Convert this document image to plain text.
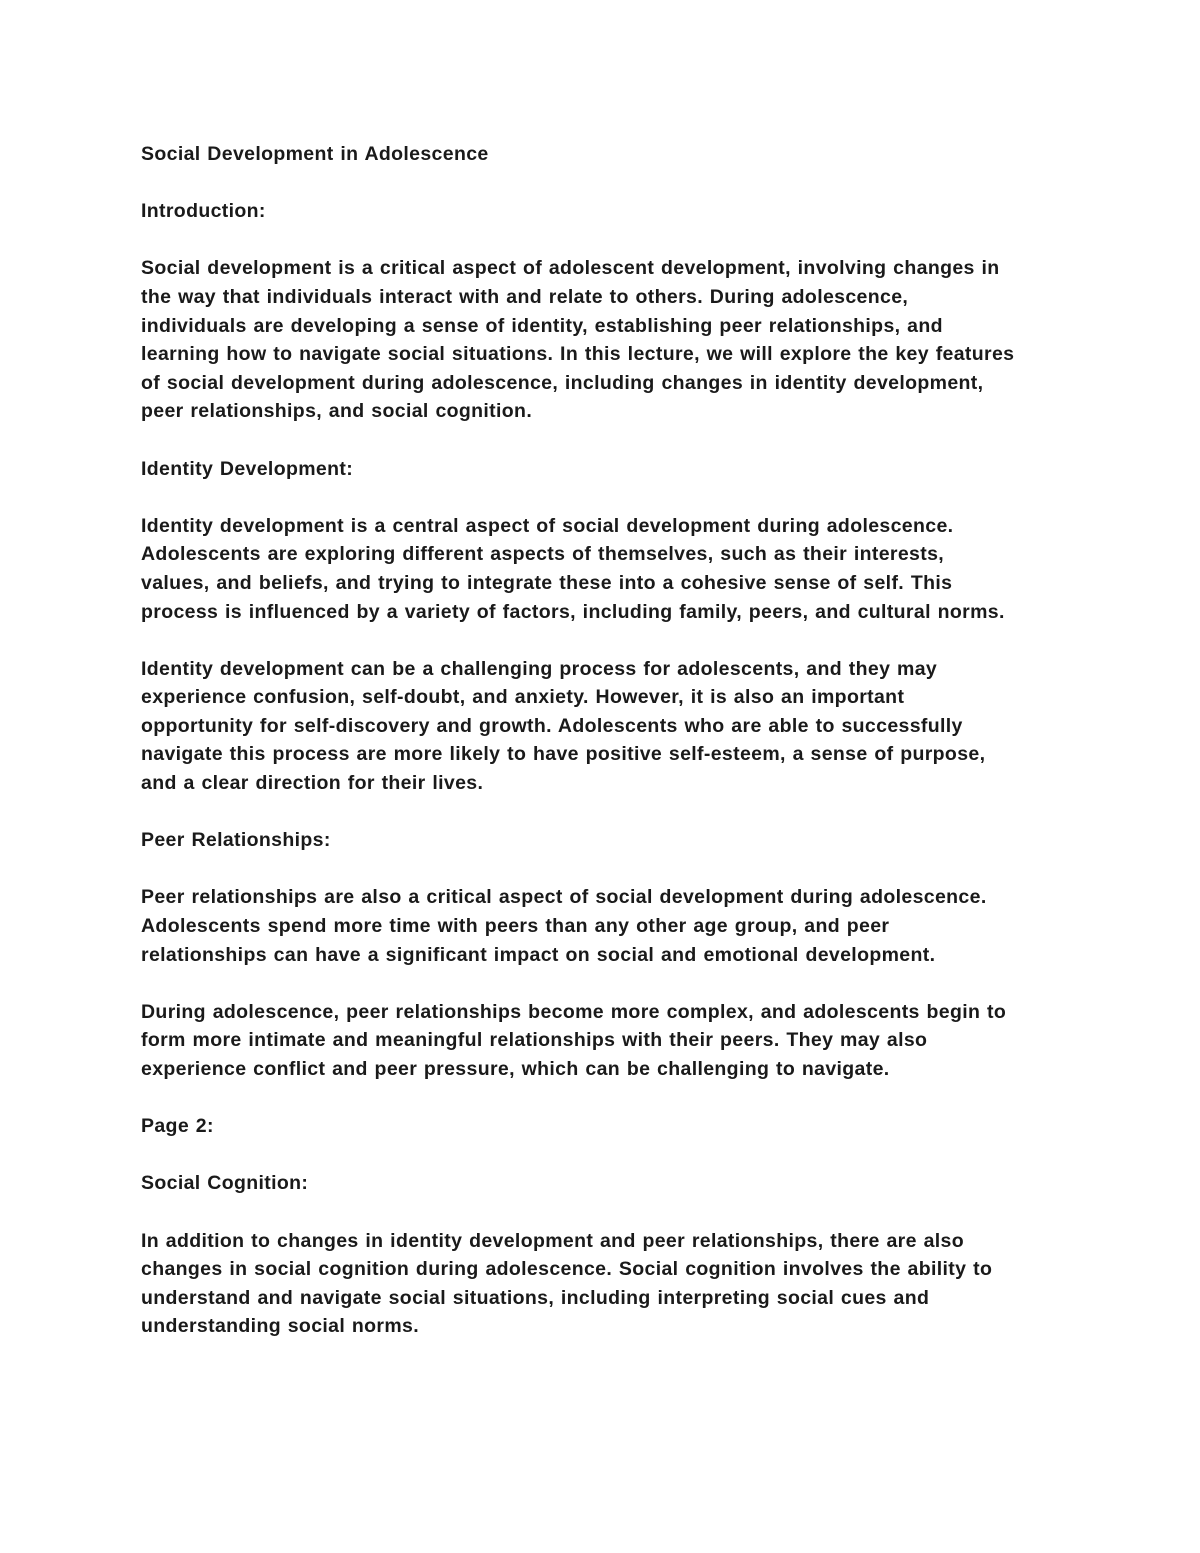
Social Development in Adolescence
Introduction:
Social development is a critical aspect of adolescent development, involving changes in
the way that individuals interact with and relate to others. During adolescence,
individuals are developing a sense of identity, establishing peer relationships, and
learning how to navigate social situations. In this lecture, we will explore the key features
of social development during adolescence, including changes in identity development,
peer relationships, and social cognition.
Identity Development:
Identity development is a central aspect of social development during adolescence.
Adolescents are exploring different aspects of themselves, such as their interests,
values, and beliefs, and trying to integrate these into a cohesive sense of self. This
process is influenced by a variety of factors, including family, peers, and cultural norms.
Identity development can be a challenging process for adolescents, and they may
experience confusion, self-doubt, and anxiety. However, it is also an important
opportunity for self-discovery and growth. Adolescents who are able to successfully
navigate this process are more likely to have positive self-esteem, a sense of purpose,
and a clear direction for their lives.
Peer Relationships:
Peer relationships are also a critical aspect of social development during adolescence.
Adolescents spend more time with peers than any other age group, and peer
relationships can have a significant impact on social and emotional development.
During adolescence, peer relationships become more complex, and adolescents begin to
form more intimate and meaningful relationships with their peers. They may also
experience conflict and peer pressure, which can be challenging to navigate.
Page 2:
Social Cognition:
In addition to changes in identity development and peer relationships, there are also
changes in social cognition during adolescence. Social cognition involves the ability to
understand and navigate social situations, including interpreting social cues and
understanding social norms.
